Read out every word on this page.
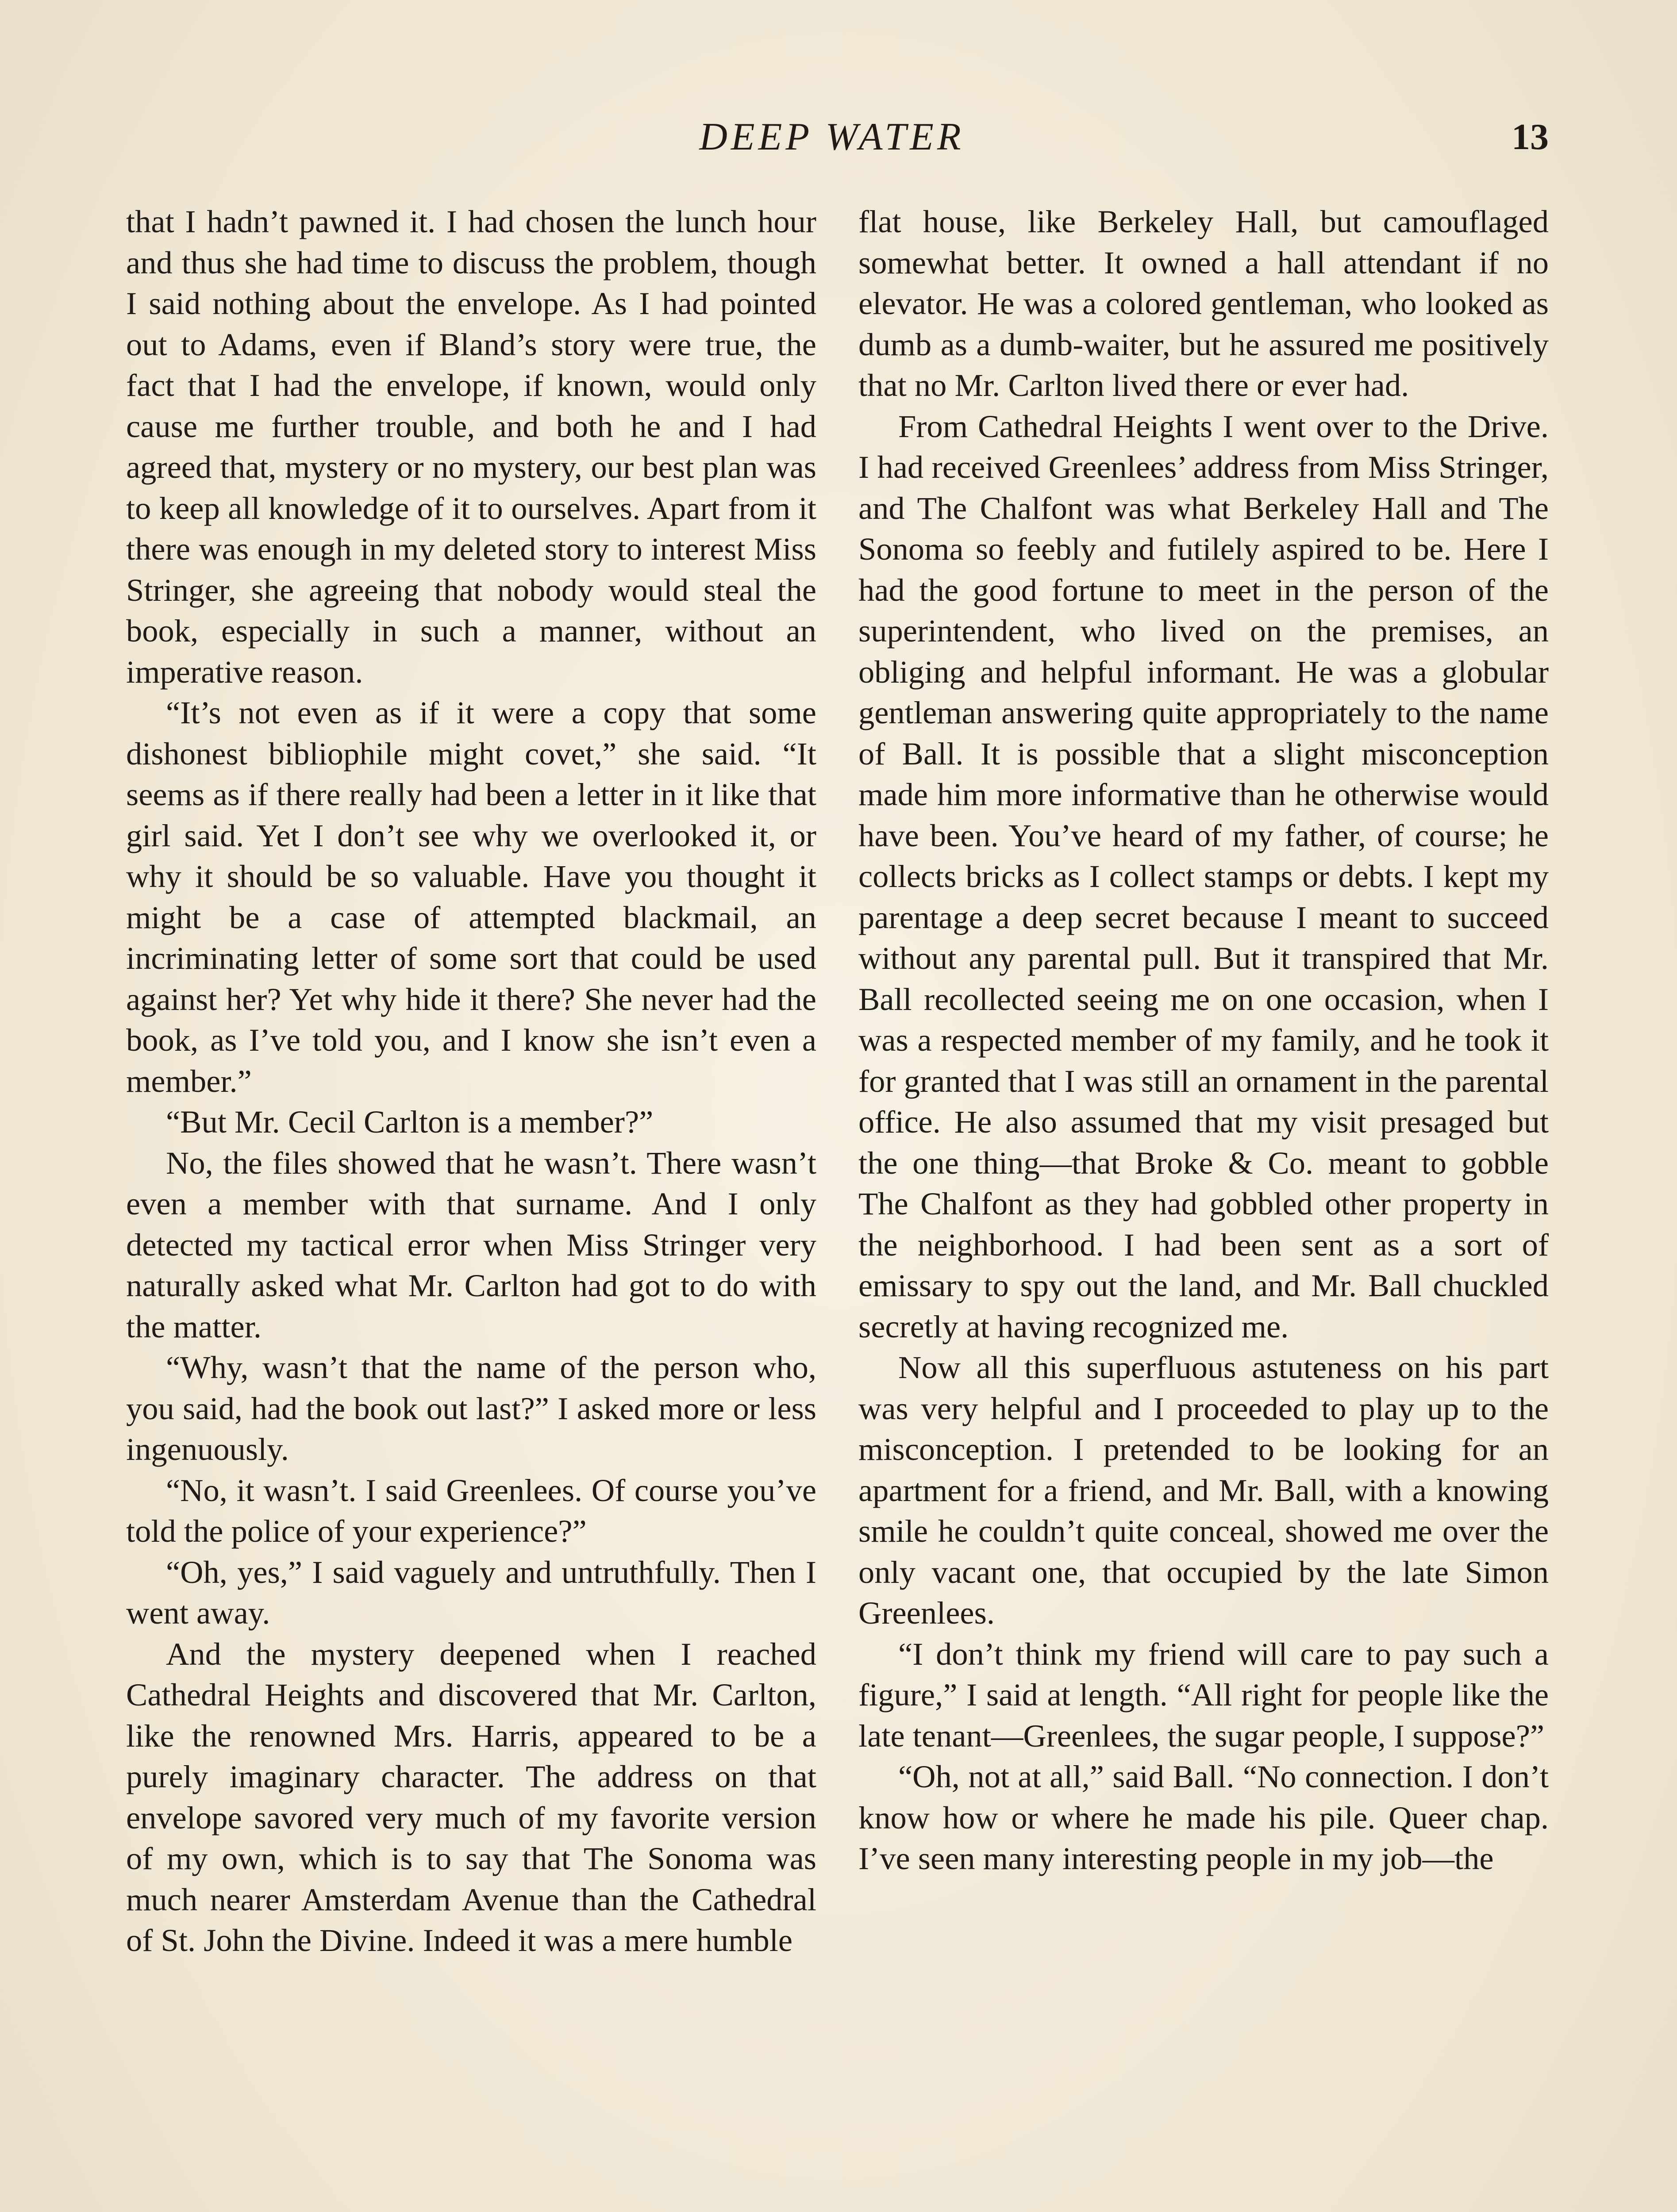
DEEP WATER	13

that I hadn’t pawned it. I had chosen the lunch hour and thus she had time to discuss the problem, though I said nothing about the envelope. As I had pointed out to Adams, even if Bland’s story were true, the fact that I had the envelope, if known, would only cause me further trouble, and both he and I had agreed that, mystery or no mystery, our best plan was to keep all knowledge of it to ourselves. Apart from it there was enough in my deleted story to interest Miss Stringer, she agreeing that nobody would steal the book, especially in such a manner, without an imperative reason.

“It’s not even as if it were a copy that some dishonest bibliophile might covet,” she said. “It seems as if there really had been a letter in it like that girl said. Yet I don’t see why we overlooked it, or why it should be so valuable. Have you thought it might be a case of attempted blackmail, an incriminating letter of some sort that could be used against her? Yet why hide it there? She never had the book, as I’ve told you, and I know she isn’t even a member.”

“But Mr. Cecil Carlton is a member?”

No, the files showed that he wasn’t. There wasn’t even a member with that surname. And I only detected my tactical error when Miss Stringer very naturally asked what Mr. Carlton had got to do with the matter.

“Why, wasn’t that the name of the person who, you said, had the book out last?” I asked more or less ingenuously.

“No, it wasn’t. I said Greenlees. Of course you’ve told the police of your experience?”

“Oh, yes,” I said vaguely and untruthfully. Then I went away.

And the mystery deepened when I reached Cathedral Heights and discovered that Mr. Carlton, like the renowned Mrs. Harris, appeared to be a purely imaginary character. The address on that envelope savored very much of my favorite version of my own, which is to say that The Sonoma was much nearer Amsterdam Avenue than the Cathedral of St. John the Divine. Indeed it was a mere humble

flat house, like Berkeley Hall, but camouflaged somewhat better. It owned a hall attendant if no elevator. He was a colored gentleman, who looked as dumb as a dumb-waiter, but he assured me positively that no Mr. Carlton lived there or ever had.

From Cathedral Heights I went over to the Drive. I had received Greenlees’ address from Miss Stringer, and The Chalfont was what Berkeley Hall and The Sonoma so feebly and futilely aspired to be. Here I had the good fortune to meet in the person of the superintendent, who lived on the premises, an obliging and helpful informant. He was a globular gentleman answering quite appropriately to the name of Ball. It is possible that a slight misconception made him more informative than he otherwise would have been. You’ve heard of my father, of course; he collects bricks as I collect stamps or debts. I kept my parentage a deep secret because I meant to succeed without any parental pull. But it transpired that Mr. Ball recollected seeing me on one occasion, when I was a respected member of my family, and he took it for granted that I was still an ornament in the parental office. He also assumed that my visit presaged but the one thing—that Broke & Co. meant to gobble The Chalfont as they had gobbled other property in the neighborhood. I had been sent as a sort of emissary to spy out the land, and Mr. Ball chuckled secretly at having recognized me.

Now all this superfluous astuteness on his part was very helpful and I proceeded to play up to the misconception. I pretended to be looking for an apartment for a friend, and Mr. Ball, with a knowing smile he couldn’t quite conceal, showed me over the only vacant one, that occupied by the late Simon Greenlees.

“I don’t think my friend will care to pay such a figure,” I said at length. “All right for people like the late tenant—Greenlees, the sugar people, I suppose?”

“Oh, not at all,” said Ball. “No connection. I don’t know how or where he made his pile. Queer chap. I’ve seen many interesting people in my job—the
